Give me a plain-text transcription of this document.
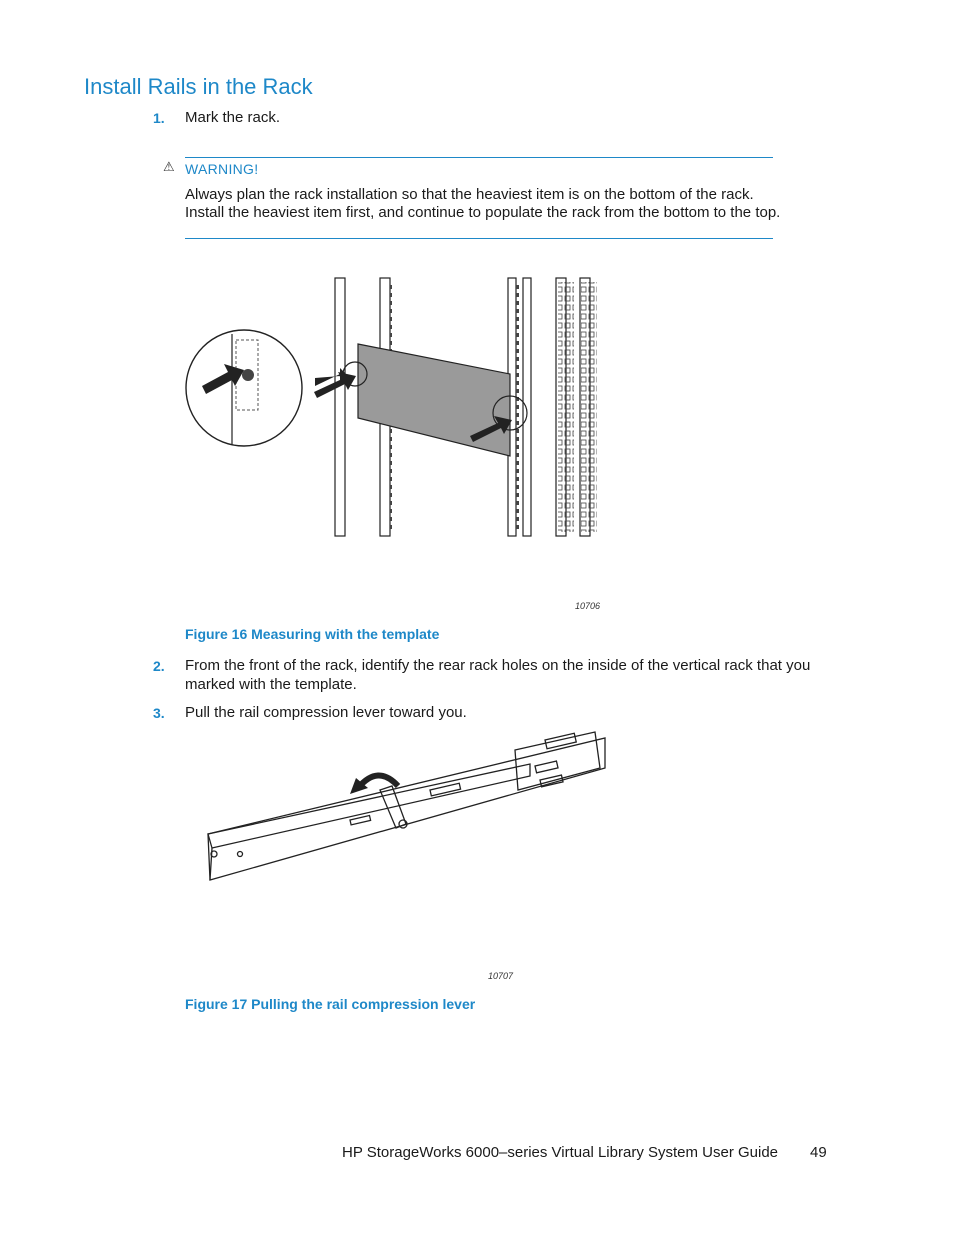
Install Rails in the Rack
1. Mark the rack.
⚠ WARNING!
Always plan the rack installation so that the heaviest item is on the bottom of the rack. Install the heaviest item first, and continue to populate the rack from the bottom to the top.
10706
Figure 16 Measuring with the template
2. From the front of the rack, identify the rear rack holes on the inside of the vertical rack that you marked with the template.
3. Pull the rail compression lever toward you.
10707
Figure 17 Pulling the rail compression lever
HP StorageWorks 6000–series Virtual Library System User Guide 49
